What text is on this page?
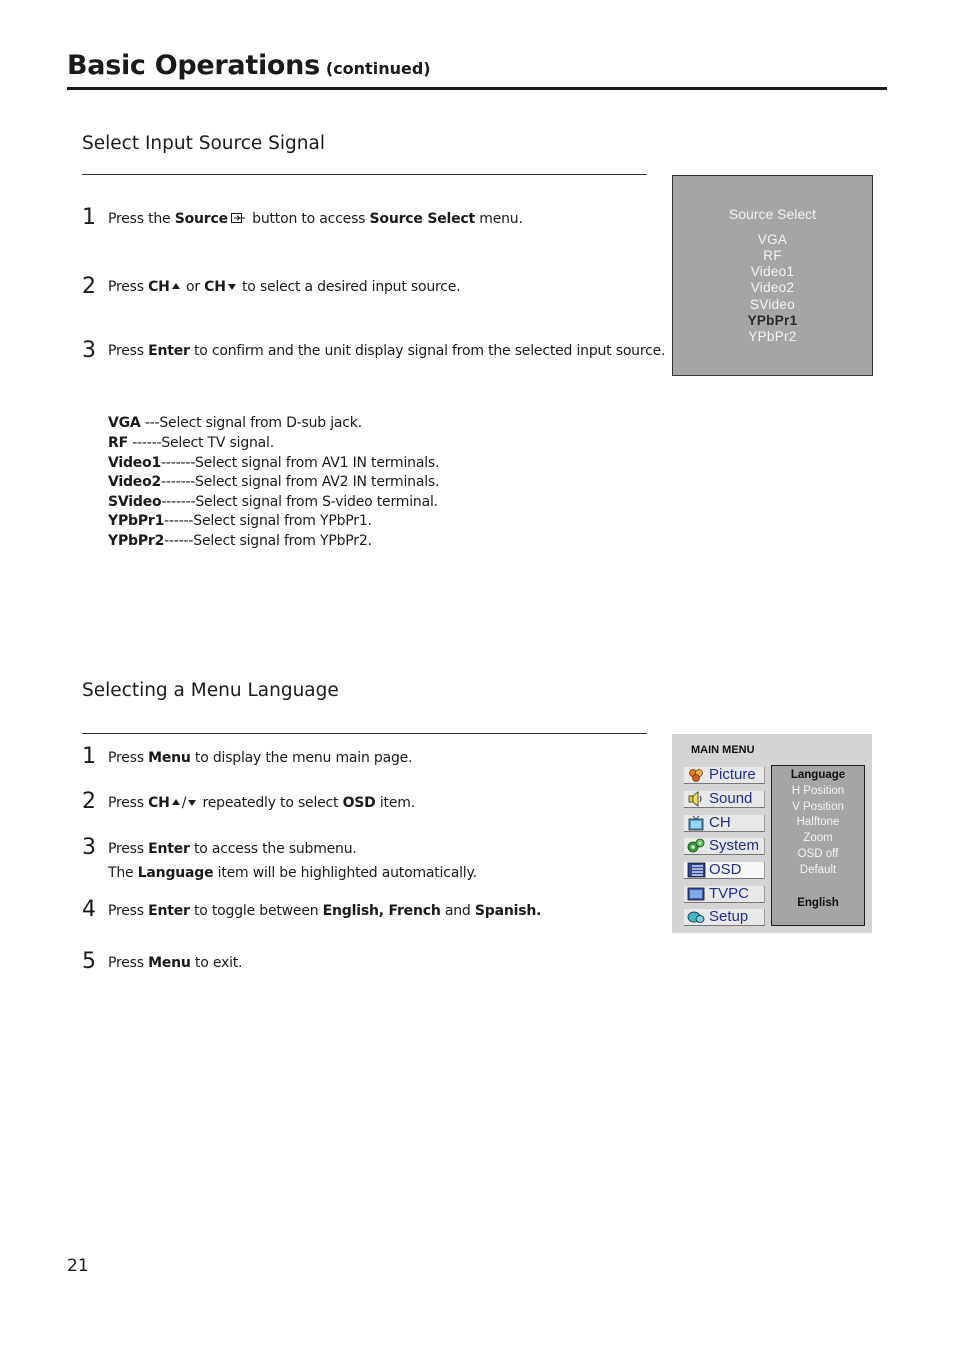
Basic Operations (continued)
Select Input Source Signal
1 Press the Source button to access Source Select menu.
2 Press CH or CH to select a desired input source.
3 Press Enter to confirm and the unit display signal from the selected input source.
VGA ---Select signal from D-sub jack.
RF ------Select TV signal.
Video1-------Select signal from AV1 IN terminals.
Video2-------Select signal from AV2 IN terminals.
SVideo-------Select signal from S-video terminal.
YPbPr1------Select signal from YPbPr1.
YPbPr2------Select signal from YPbPr2.
Source Select
VGA
RF
Video1
Video2
SVideo
YPbPr1
YPbPr2
Selecting a Menu Language
1 Press Menu to display the menu main page.
2 Press CH / repeatedly to select OSD item.
3 Press Enter to access the submenu.
The Language item will be highlighted automatically.
4 Press Enter to toggle between English, French and Spanish.
5 Press Menu to exit.
MAIN MENU
Picture
Sound
CH
System
OSD
TVPC
Setup
Language
H Position
V Position
Halftone
Zoom
OSD off
Default
English
21
